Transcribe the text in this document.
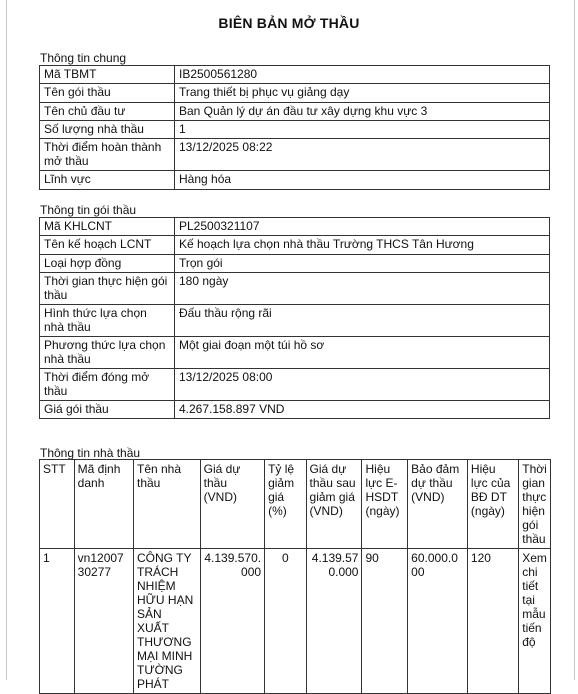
BIÊN BẢN MỞ THẦU
Thông tin chung
Mã TBMT	IB2500561280
Tên gói thầu	Trang thiết bị phục vụ giảng dạy
Tên chủ đầu tư	Ban Quản lý dự án đầu tư xây dựng khu vực 3
Số lượng nhà thầu	1
Thời điểm hoàn thành mở thầu	13/12/2025 08:22
Lĩnh vực	Hàng hóa
Thông tin gói thầu
Mã KHLCNT	PL2500321107
Tên kế hoạch LCNT	Kế hoạch lựa chọn nhà thầu Trường THCS Tân Hương
Loại hợp đồng	Trọn gói
Thời gian thực hiện gói thầu	180 ngày
Hình thức lựa chọn nhà thầu	Đấu thầu rộng rãi
Phương thức lựa chọn nhà thầu	Một giai đoạn một túi hồ sơ
Thời điểm đóng mở thầu	13/12/2025 08:00
Giá gói thầu	4.267.158.897 VND
Thông tin nhà thầu
STT	Mã định danh	Tên nhà thầu	Giá dự thầu (VND)	Tỷ lệ giảm giá (%)	Giá dự thầu sau giảm giá (VND)	Hiệu lực E-HSDT (ngày)	Bảo đảm dự thầu (VND)	Hiệu lực của BĐ DT (ngày)	Thời gian thực hiện gói thầu
1	vn1200730277	CÔNG TY TRÁCH NHIỆM HỮU HẠN SẢN XUẤT THƯƠNG MẠI MINH TƯỜNG PHÁT	4.139.570.000	0	4.139.570.000	90	60.000.000	120	Xem chi tiết tại mẫu tiến độ
